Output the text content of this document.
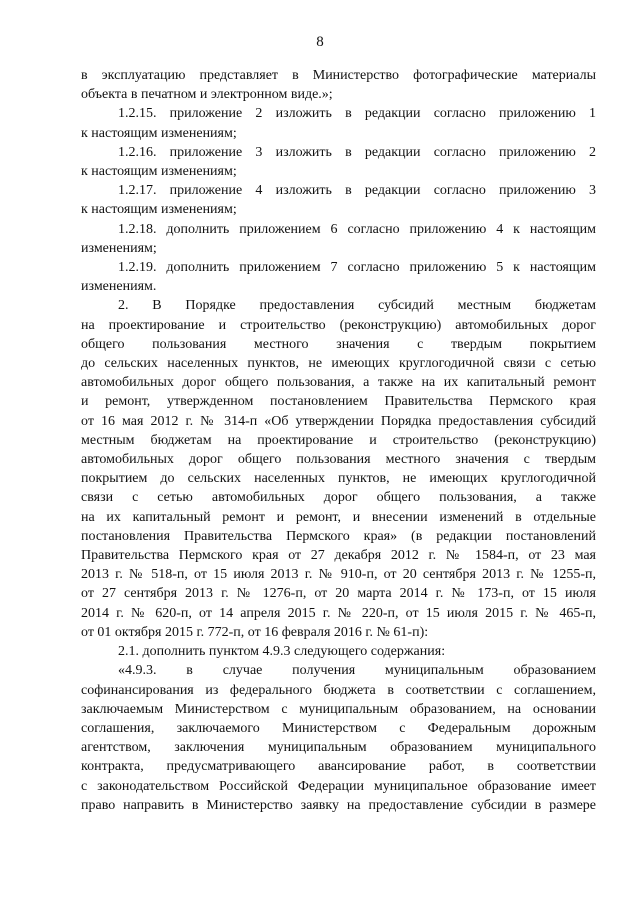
8
в эксплуатацию представляет в Министерство фотографические материалы
объекта в печатном и электронном виде.»;
1.2.15. приложение 2 изложить в редакции согласно приложению 1
к настоящим изменениям;
1.2.16. приложение 3 изложить в редакции согласно приложению 2
к настоящим изменениям;
1.2.17. приложение 4 изложить в редакции согласно приложению 3
к настоящим изменениям;
1.2.18. дополнить приложением 6 согласно приложению 4 к настоящим
изменениям;
1.2.19. дополнить приложением 7 согласно приложению 5 к настоящим
изменениям.
2. В Порядке предоставления субсидий местным бюджетам
на проектирование и строительство (реконструкцию) автомобильных дорог
общего пользования местного значения с твердым покрытием
до сельских населенных пунктов, не имеющих круглогодичной связи с сетью
автомобильных дорог общего пользования, а также на их капитальный ремонт
и ремонт, утвержденном постановлением Правительства Пермского края
от 16 мая 2012 г. № 314-п «Об утверждении Порядка предоставления субсидий
местным бюджетам на проектирование и строительство (реконструкцию)
автомобильных дорог общего пользования местного значения с твердым
покрытием до сельских населенных пунктов, не имеющих круглогодичной
связи с сетью автомобильных дорог общего пользования, а также
на их капитальный ремонт и ремонт, и внесении изменений в отдельные
постановления Правительства Пермского края» (в редакции постановлений
Правительства Пермского края от 27 декабря 2012 г. № 1584-п, от 23 мая
2013 г. № 518-п, от 15 июля 2013 г. № 910-п, от 20 сентября 2013 г. № 1255-п,
от 27 сентября 2013 г. № 1276-п, от 20 марта 2014 г. № 173-п, от 15 июля
2014 г. № 620-п, от 14 апреля 2015 г. № 220-п, от 15 июля 2015 г. № 465-п,
от 01 октября 2015 г. 772-п, от 16 февраля 2016 г. № 61-п):
2.1. дополнить пунктом 4.9.3 следующего содержания:
«4.9.3. в случае получения муниципальным образованием
софинансирования из федерального бюджета в соответствии с соглашением,
заключаемым Министерством с муниципальным образованием, на основании
соглашения, заключаемого Министерством с Федеральным дорожным
агентством, заключения муниципальным образованием муниципального
контракта, предусматривающего авансирование работ, в соответствии
с законодательством Российской Федерации муниципальное образование имеет
право направить в Министерство заявку на предоставление субсидии в размере
